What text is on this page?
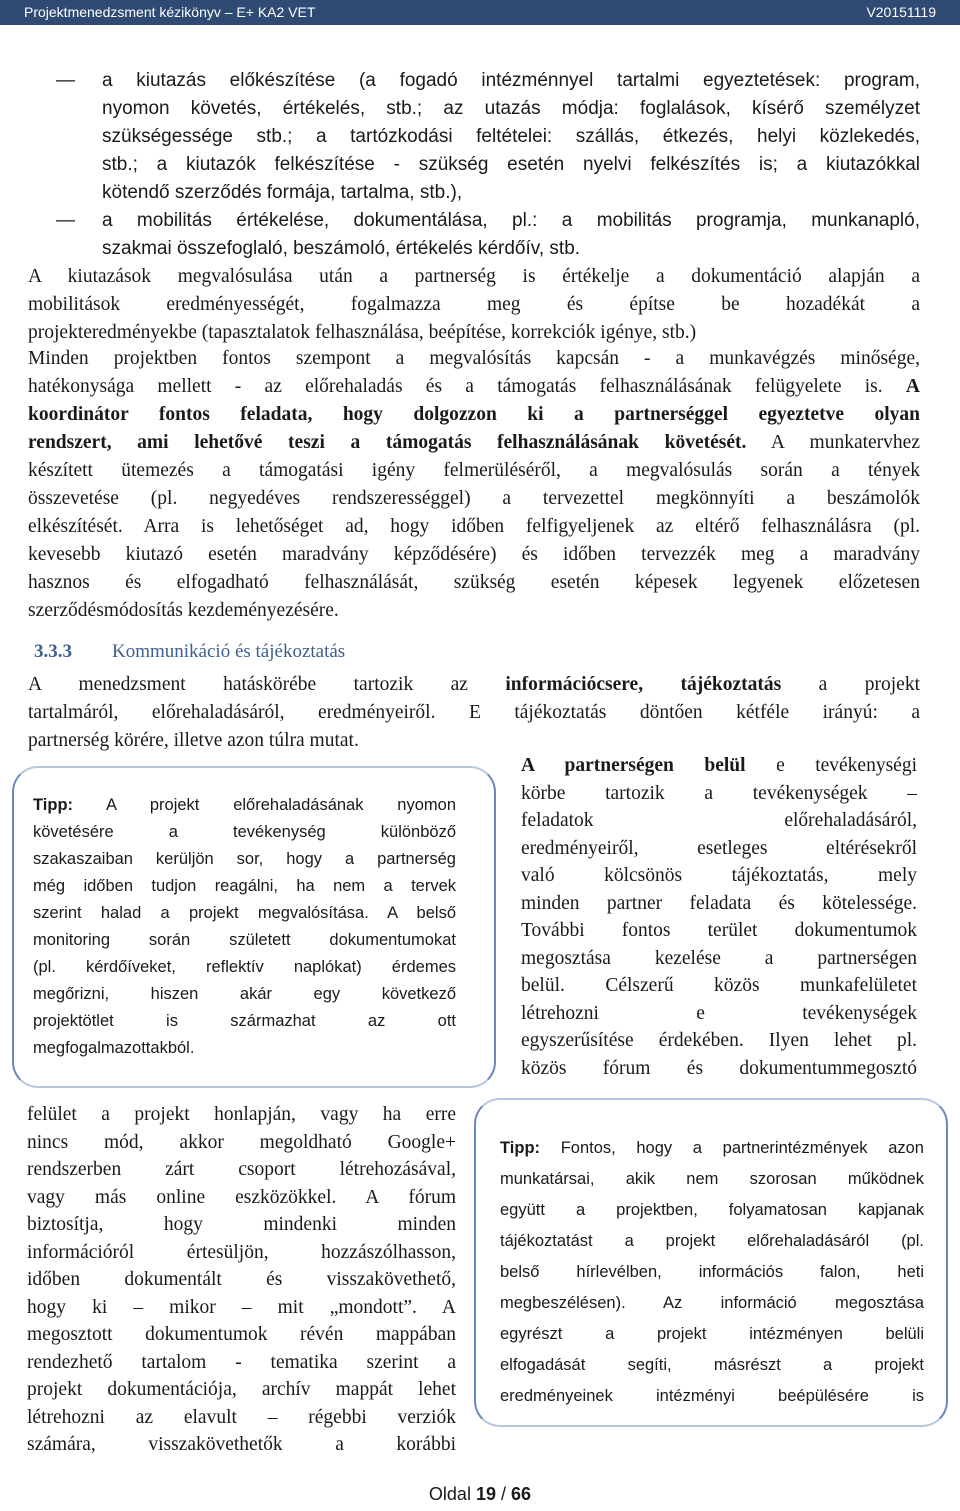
Projektmenedzsment kézikönyv – E+ KA2 VET	V20151119
— a kiutazás előkészítése (a fogadó intézménnyel tartalmi egyeztetések: program,
nyomon követés, értékelés, stb.; az utazás módja: foglalások, kísérő személyzet
szükségessége stb.; a tartózkodási feltételei: szállás, étkezés, helyi közlekedés,
stb.; a kiutazók felkészítése - szükség esetén nyelvi felkészítés is; a kiutazókkal
kötendő szerződés formája, tartalma, stb.),
— a mobilitás értékelése, dokumentálása, pl.: a mobilitás programja, munkanapló,
szakmai összefoglaló, beszámoló, értékelés kérdőív, stb.
A kiutazások megvalósulása után a partnerség is értékelje a dokumentáció alapján a
mobilitások eredményességét, fogalmazza meg és építse be hozadékát a
projekteredményekbe (tapasztalatok felhasználása, beépítése, korrekciók igénye, stb.)
Minden projektben fontos szempont a megvalósítás kapcsán - a munkavégzés minősége,
hatékonysága mellett - az előrehaladás és a támogatás felhasználásának felügyelete is. A
koordinátor fontos feladata, hogy dolgozzon ki a partnerséggel egyeztetve olyan
rendszert, ami lehetővé teszi a támogatás felhasználásának követését. A munkatervhez
készített ütemezés a támogatási igény felmerüléséről, a megvalósulás során a tények
összevetése (pl. negyedéves rendszerességgel) a tervezettel megkönnyíti a beszámolók
elkészítését. Arra is lehetőséget ad, hogy időben felfigyeljenek az eltérő felhasználásra (pl.
kevesebb kiutazó esetén maradvány képződésére) és időben tervezzék meg a maradvány
hasznos és elfogadható felhasználását, szükség esetén képesek legyenek előzetesen
szerződésmódosítás kezdeményezésére.
3.3.3 Kommunikáció és tájékoztatás
A menedzsment hatáskörébe tartozik az információcsere, tájékoztatás a projekt
tartalmáról, előrehaladásáról, eredményeiről. E tájékoztatás döntően kétféle irányú: a
partnerség körére, illetve azon túlra mutat.
Tipp: A projekt előrehaladásának nyomon
követésére a tevékenység különböző
szakaszaiban kerüljön sor, hogy a partnerség
még időben tudjon reagálni, ha nem a tervek
szerint halad a projekt megvalósítása. A belső
monitoring során született dokumentumokat
(pl. kérdőíveket, reflektív naplókat) érdemes
megőrizni, hiszen akár egy következő
projektötlet is származhat az ott
megfogalmazottakból.
A partnerségen belül e tevékenységi
körbe tartozik a tevékenységek –
feladatok előrehaladásáról,
eredményeiről, esetleges eltérésekről
való kölcsönös tájékoztatás, mely
minden partner feladata és kötelessége.
További fontos terület dokumentumok
megosztása kezelése a partnerségen
belül. Célszerű közös munkafelületet
létrehozni e tevékenységek
egyszerűsítése érdekében. Ilyen lehet pl.
közös fórum és dokumentummegosztó
felület a projekt honlapján, vagy ha erre
nincs mód, akkor megoldható Google+
rendszerben zárt csoport létrehozásával,
vagy más online eszközökkel. A fórum
biztosítja, hogy mindenki minden
információról értesüljön, hozzászólhasson,
időben dokumentált és visszakövethető,
hogy ki – mikor – mit „mondott”. A
megosztott dokumentumok révén mappában
rendezhető tartalom - tematika szerint a
projekt dokumentációja, archív mappát lehet
létrehozni az elavult – régebbi verziók
számára, visszakövethetők a korábbi
Tipp: Fontos, hogy a partnerintézmények azon
munkatársai, akik nem szorosan működnek
együtt a projektben, folyamatosan kapjanak
tájékoztatást a projekt előrehaladásáról (pl.
belső hírlevélben, információs falon, heti
megbeszélésen). Az információ megosztása
egyrészt a projekt intézményen belüli
elfogadását segíti, másrészt a projekt
eredményeinek intézményi beépülésére is
Oldal 19 / 66
